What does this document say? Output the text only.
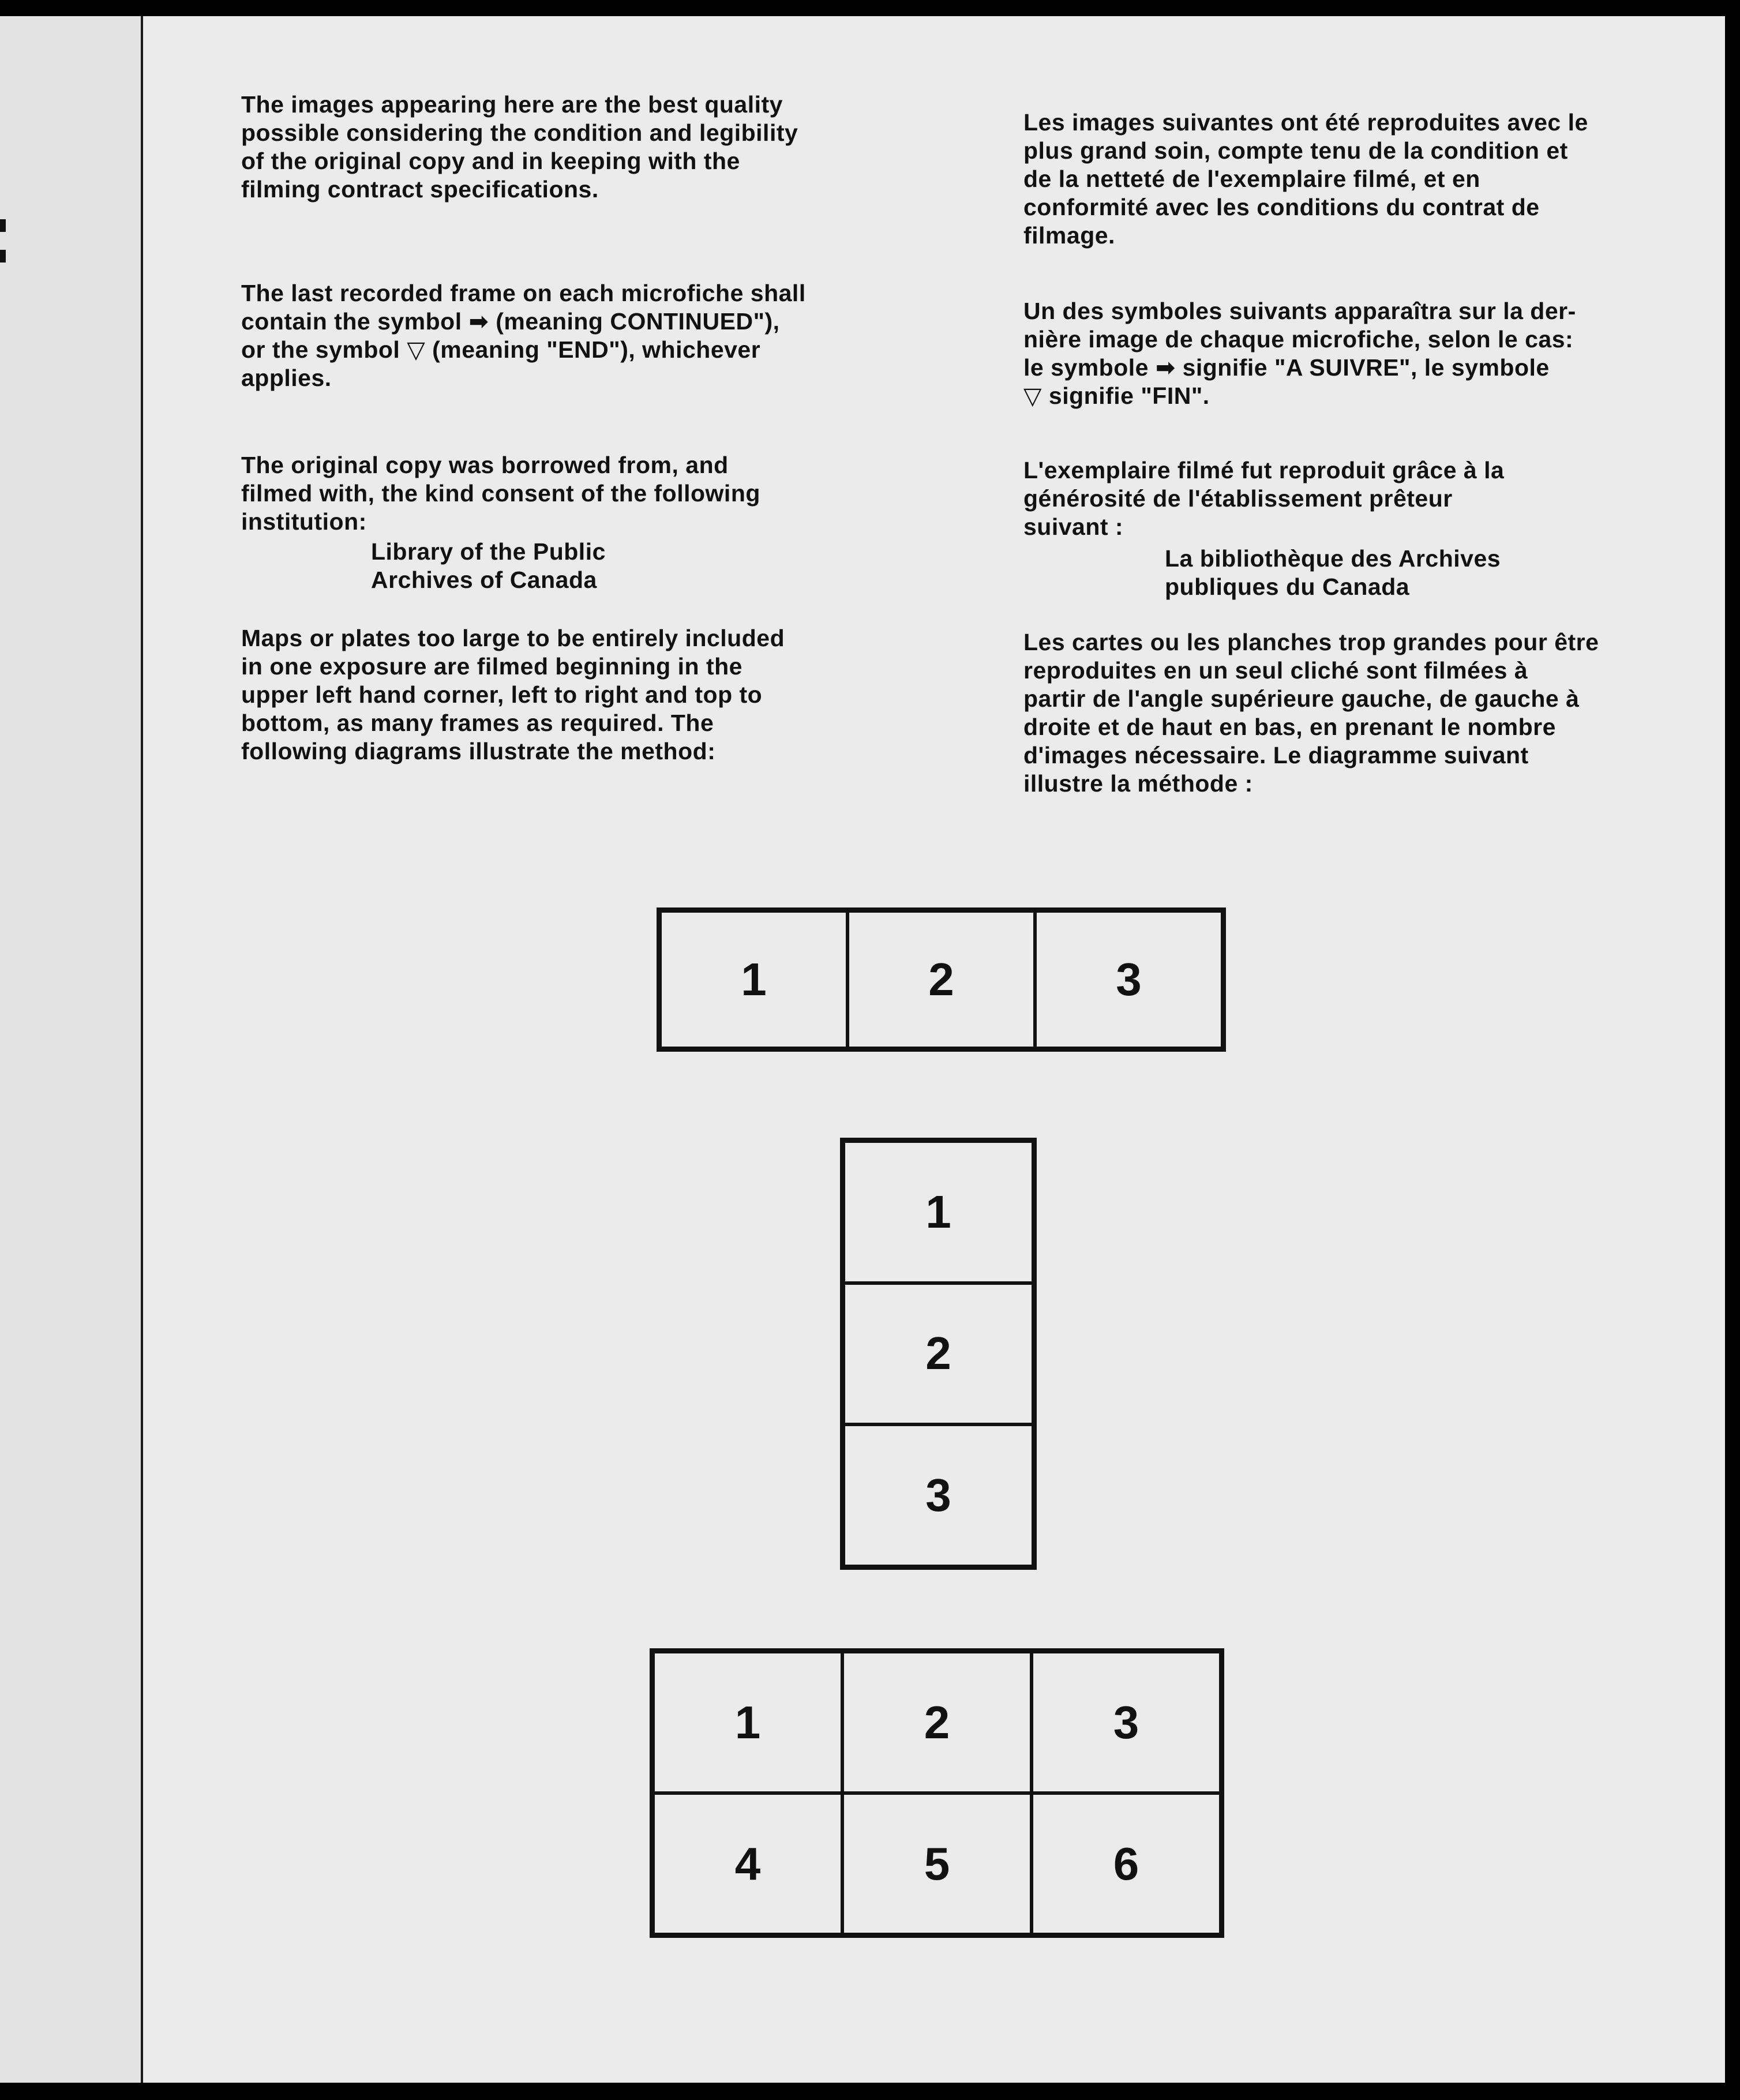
The images appearing here are the best quality
possible considering the condition and legibility
of the original copy and in keeping with the
filming contract specifications.

The last recorded frame on each microfiche shall
contain the symbol ➡ (meaning CONTINUED"),
or the symbol ▽ (meaning "END"), whichever
applies.

The original copy was borrowed from, and
filmed with, the kind consent of the following
institution:

Library of the Public
Archives of Canada

Maps or plates too large to be entirely included
in one exposure are filmed beginning in the
upper left hand corner, left to right and top to
bottom, as many frames as required. The
following diagrams illustrate the method:

Les images suivantes ont été reproduites avec le
plus grand soin, compte tenu de la condition et
de la netteté de l'exemplaire filmé, et en
conformité avec les conditions du contrat de
filmage.

Un des symboles suivants apparaîtra sur la der-
nière image de chaque microfiche, selon le cas:
le symbole ➡ signifie "A SUIVRE", le symbole
▽ signifie "FIN".

L'exemplaire filmé fut reproduit grâce à la
générosité de l'établissement prêteur
suivant :

La bibliothèque des Archives
publiques du Canada

Les cartes ou les planches trop grandes pour être
reproduites en un seul cliché sont filmées à
partir de l'angle supérieure gauche, de gauche à
droite et de haut en bas, en prenant le nombre
d'images nécessaire. Le diagramme suivant
illustre la méthode :

1	2	3
1
2
3
1	2	3
4	5	6
